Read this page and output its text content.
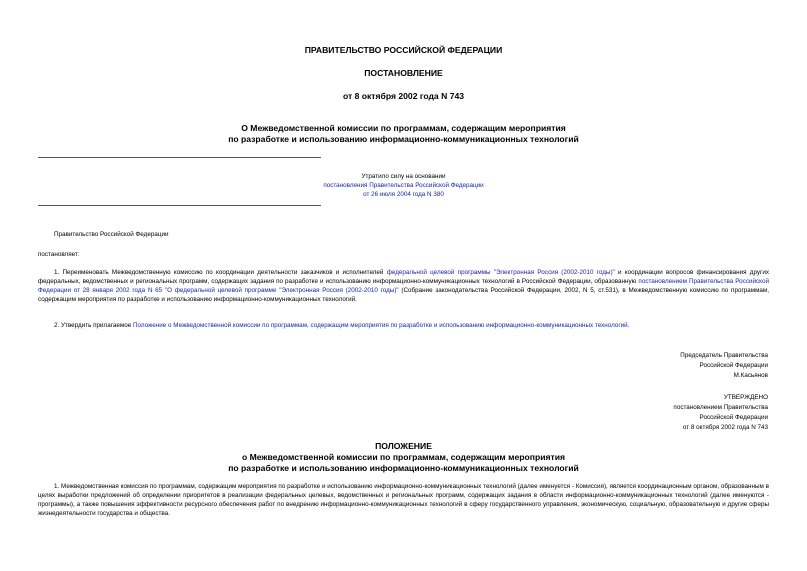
ПРАВИТЕЛЬСТВО РОССИЙСКОЙ ФЕДЕРАЦИИ
ПОСТАНОВЛЕНИЕ
от 8 октября 2002 года N 743
О Межведомственной комиссии по программам, содержащим мероприятия
по разработке и использованию информационно-коммуникационных технологий
Утратило силу на основании
постановления Правительства Российской Федерации
от 26 июля 2004 года N 380
Правительство Российской Федерации
постановляет:
1. Переименовать Межведомственную комиссию по координации деятельности заказчиков и исполнителей федеральной целевой программы "Электронная Россия (2002-2010 годы)" и координации вопросов финансирования других федеральных, ведомственных и региональных программ, содержащих задания по разработке и использованию информационно-коммуникационных технологий в Российской Федерации, образованную постановлением Правительства Российской Федерации от 28 января 2002 года N 65 "О федеральной целевой программе "Электронная Россия (2002-2010 годы)" (Собрание законодательства Российской Федерации, 2002, N 5, ст.531), в Межведомственную комиссию по программам, содержащим мероприятия по разработке и использованию информационно-коммуникационных технологий.
2. Утвердить прилагаемое Положение о Межведомственной комиссии по программам, содержащим мероприятия по разработке и использованию информационно-коммуникационных технологий.
Председатель Правительства
Российской Федерации
М.Касьянов
УТВЕРЖДЕНО
постановлением Правительства
Российской Федерации
от 8 октября 2002 года N 743
ПОЛОЖЕНИЕ
о Межведомственной комиссии по программам, содержащим мероприятия
по разработке и использованию информационно-коммуникационных технологий
1. Межведомственная комиссия по программам, содержащим мероприятия по разработке и использованию информационно-коммуникационных технологий (далее именуется - Комиссия), является координационным органом, образованным в целях выработки предложений об определении приоритетов в реализации федеральных целевых, ведомственных и региональных программ, содержащих задания в области информационно-коммуникационных технологий (далее именуются - программы), а также повышения эффективности ресурсного обеспечения работ по внедрению информационно-коммуникационных технологий в сферу государственного управления, экономическую, социальную, образовательную и другие сферы жизнедеятельности государства и общества.
